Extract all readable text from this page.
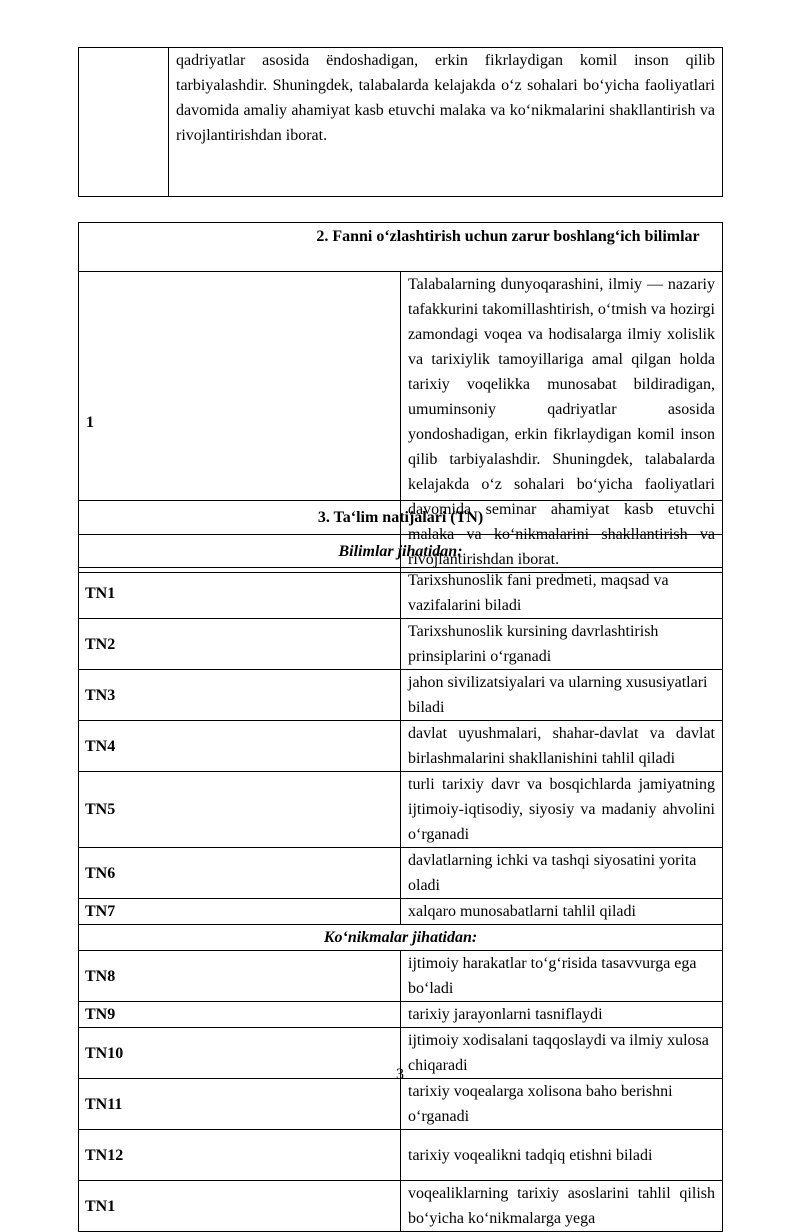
	qadriyatlar asosida ёndoshadigan, erkin fikrlaydigan komil inson qilib tarbiyalashdir. Shuningdek, talabalarda kelajakda o‘z sohalari bo‘yicha faoliyatlari davomida amaliy ahamiyat kasb etuvchi malaka va ko‘nikmalarini shakllantirish va rivojlantirishdan iborat.
2. Fanni o‘zlashtirish uchun zarur boshlang‘ich bilimlar

1	Talabalarning dunyoqarashini, ilmiy — nazariy tafakkurini takomillashtirish, o‘tmish va hozirgi zamondagi voqea va hodisalarga ilmiy xolislik va tarixiylik tamoyillariga amal qilgan holda tarixiy voqelikka munosabat bildiradigan, umuminsoniy qadriyatlar asosida yondoshadigan, erkin fikrlaydigan komil inson qilib tarbiyalashdir. Shuningdek, talabalarda kelajakda o‘z sohalari bo‘yicha faoliyatlari davomida seminar ahamiyat kasb etuvchi malaka va ko‘nikmalarini shakllantirish va rivojlantirishdan iborat.
3. Ta‘lim natijalari (TN)	
Bilimlar jihatidan:	
TN1	Tarixshunoslik fani predmeti, maqsad va vazifalarini biladi
TN2	Tarixshunoslik kursining davrlashtirish prinsiplarini o‘rganadi
TN3	jahon sivilizatsiyalari va ularning xususiyatlari biladi
TN4	davlat uyushmalari, shahar-davlat va davlat birlashmalarini shakllanishini tahlil qiladi
TN5	turli tarixiy davr va bosqichlarda jamiyatning ijtimoiy-iqtisodiy, siyosiy va madaniy ahvolini o‘rganadi
TN6	davlatlarning ichki va tashqi siyosatini yorita oladi
TN7	xalqaro munosabatlarni tahlil qiladi
Ko‘nikmalar jihatidan:	
TN8	ijtimoiy harakatlar to‘g‘risida tasavvurga ega bo‘ladi
TN9	tarixiy jarayonlarni tasniflaydi
TN10	ijtimoiy xodisalani taqqoslaydi va ilmiy xulosa chiqaradi
TN11	tarixiy voqealarga xolisona baho berishni o‘rganadi
TN12	tarixiy voqealikni tadqiq etishni biladi
TN1	voqealiklarning tarixiy asoslarini tahlil qilish bo‘yicha ko‘nikmalarga yega
3
